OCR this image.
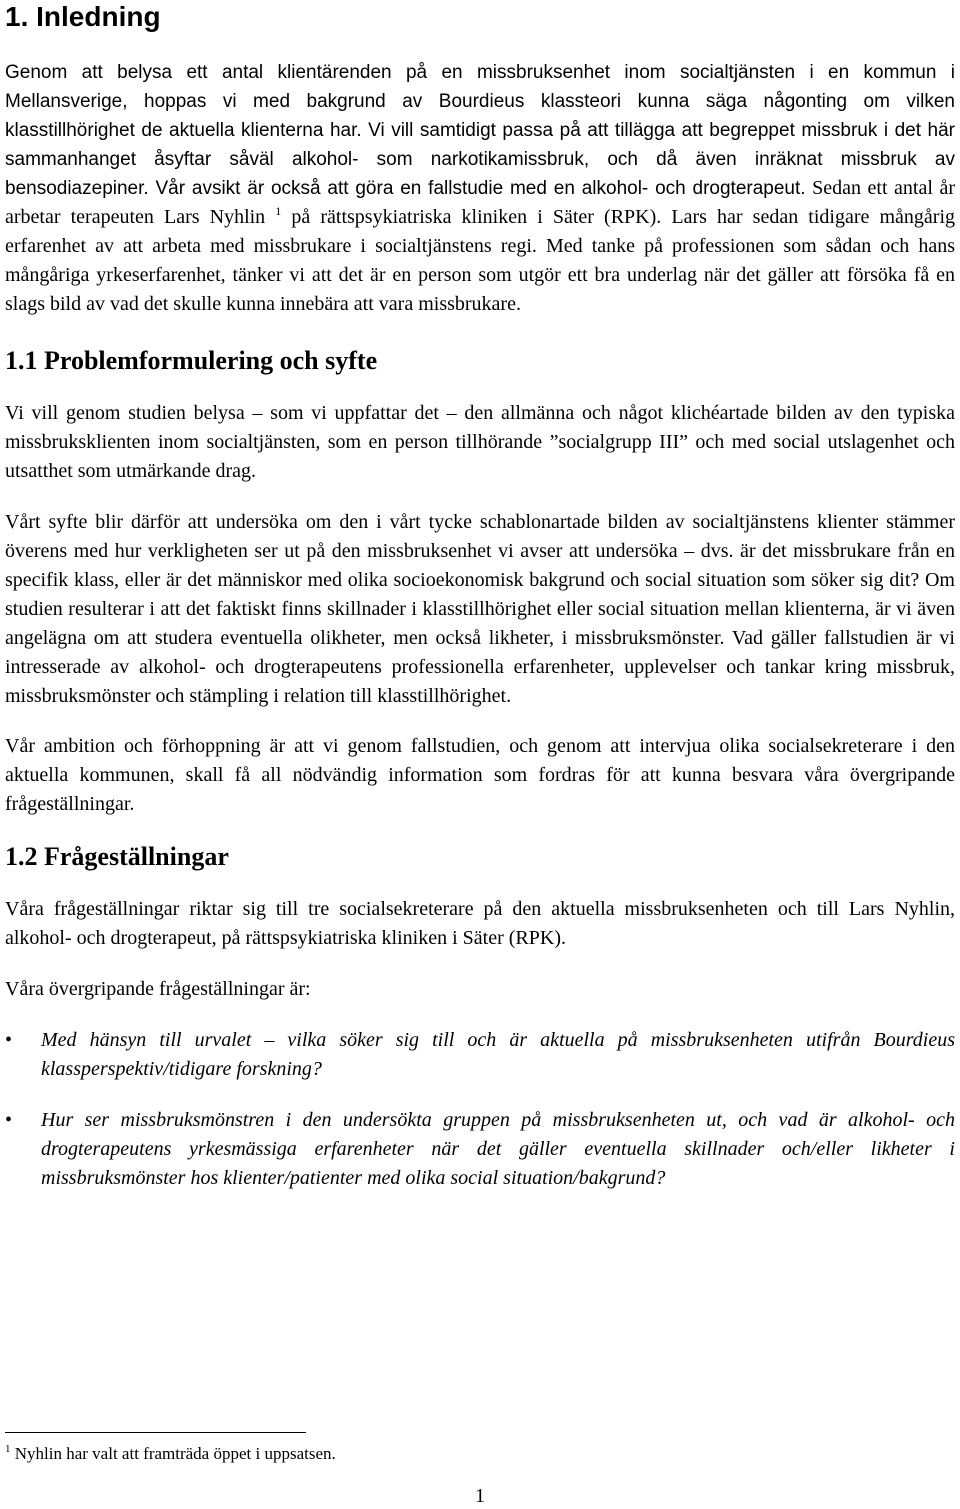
1. Inledning

Genom att belysa ett antal klientärenden på en missbruksenhet inom socialtjänsten i en kommun i Mellansverige, hoppas vi med bakgrund av Bourdieus klassteori kunna säga någonting om vilken klasstillhörighet de aktuella klienterna har. Vi vill samtidigt passa på att tillägga att begreppet missbruk i det här sammanhanget åsyftar såväl alkohol- som narkotikamissbruk, och då även inräknat missbruk av bensodiazepiner. Vår avsikt är också att göra en fallstudie med en alkohol- och drogterapeut. Sedan ett antal år arbetar terapeuten Lars Nyhlin $^1$ på rättspsykiatriska kliniken i Säter (RPK). Lars har sedan tidigare mångårig erfarenhet av att arbeta med missbrukare i socialtjänstens regi. Med tanke på professionen som sådan och hans mångåriga yrkeserfarenhet, tänker vi att det är en person som utgör ett bra underlag när det gäller att försöka få en slags bild av vad det skulle kunna innebära att vara missbrukare.

1.1 Problemformulering och syfte

Vi vill genom studien belysa – som vi uppfattar det – den allmänna och något klichéartade bilden av den typiska missbruksklienten inom socialtjänsten, som en person tillhörande ”socialgrupp III” och med social utslagenhet och utsatthet som utmärkande drag.

Vårt syfte blir därför att undersöka om den i vårt tycke schablonartade bilden av socialtjänstens klienter stämmer överens med hur verkligheten ser ut på den missbruksenhet vi avser att undersöka – dvs. är det missbrukare från en specifik klass, eller är det människor med olika socioekonomisk bakgrund och social situation som söker sig dit? Om studien resulterar i att det faktiskt finns skillnader i klasstillhörighet eller social situation mellan klienterna, är vi även angelägna om att studera eventuella olikheter, men också likheter, i missbruksmönster. Vad gäller fallstudien är vi intresserade av alkohol- och drogterapeutens professionella erfarenheter, upplevelser och tankar kring missbruk, missbruksmönster och stämpling i relation till klasstillhörighet.

Vår ambition och förhoppning är att vi genom fallstudien, och genom att intervjua olika socialsekreterare i den aktuella kommunen, skall få all nödvändig information som fordras för att kunna besvara våra övergripande frågeställningar.

1.2 Frågeställningar

Våra frågeställningar riktar sig till tre socialsekreterare på den aktuella missbruksenheten och till Lars Nyhlin, alkohol- och drogterapeut, på rättspsykiatriska kliniken i Säter (RPK).

Våra övergripande frågeställningar är:

• Med hänsyn till urvalet – vilka söker sig till och är aktuella på missbruksenheten utifrån Bourdieus klassperspektiv/tidigare forskning?
• Hur ser missbruksmönstren i den undersökta gruppen på missbruksenheten ut, och vad är alkohol- och drogterapeutens yrkesmässiga erfarenheter när det gäller eventuella skillnader och/eller likheter i missbruksmönster hos klienter/patienter med olika social situation/bakgrund?
$^1$ Nyhlin har valt att framträda öppet i uppsatsen.
1
